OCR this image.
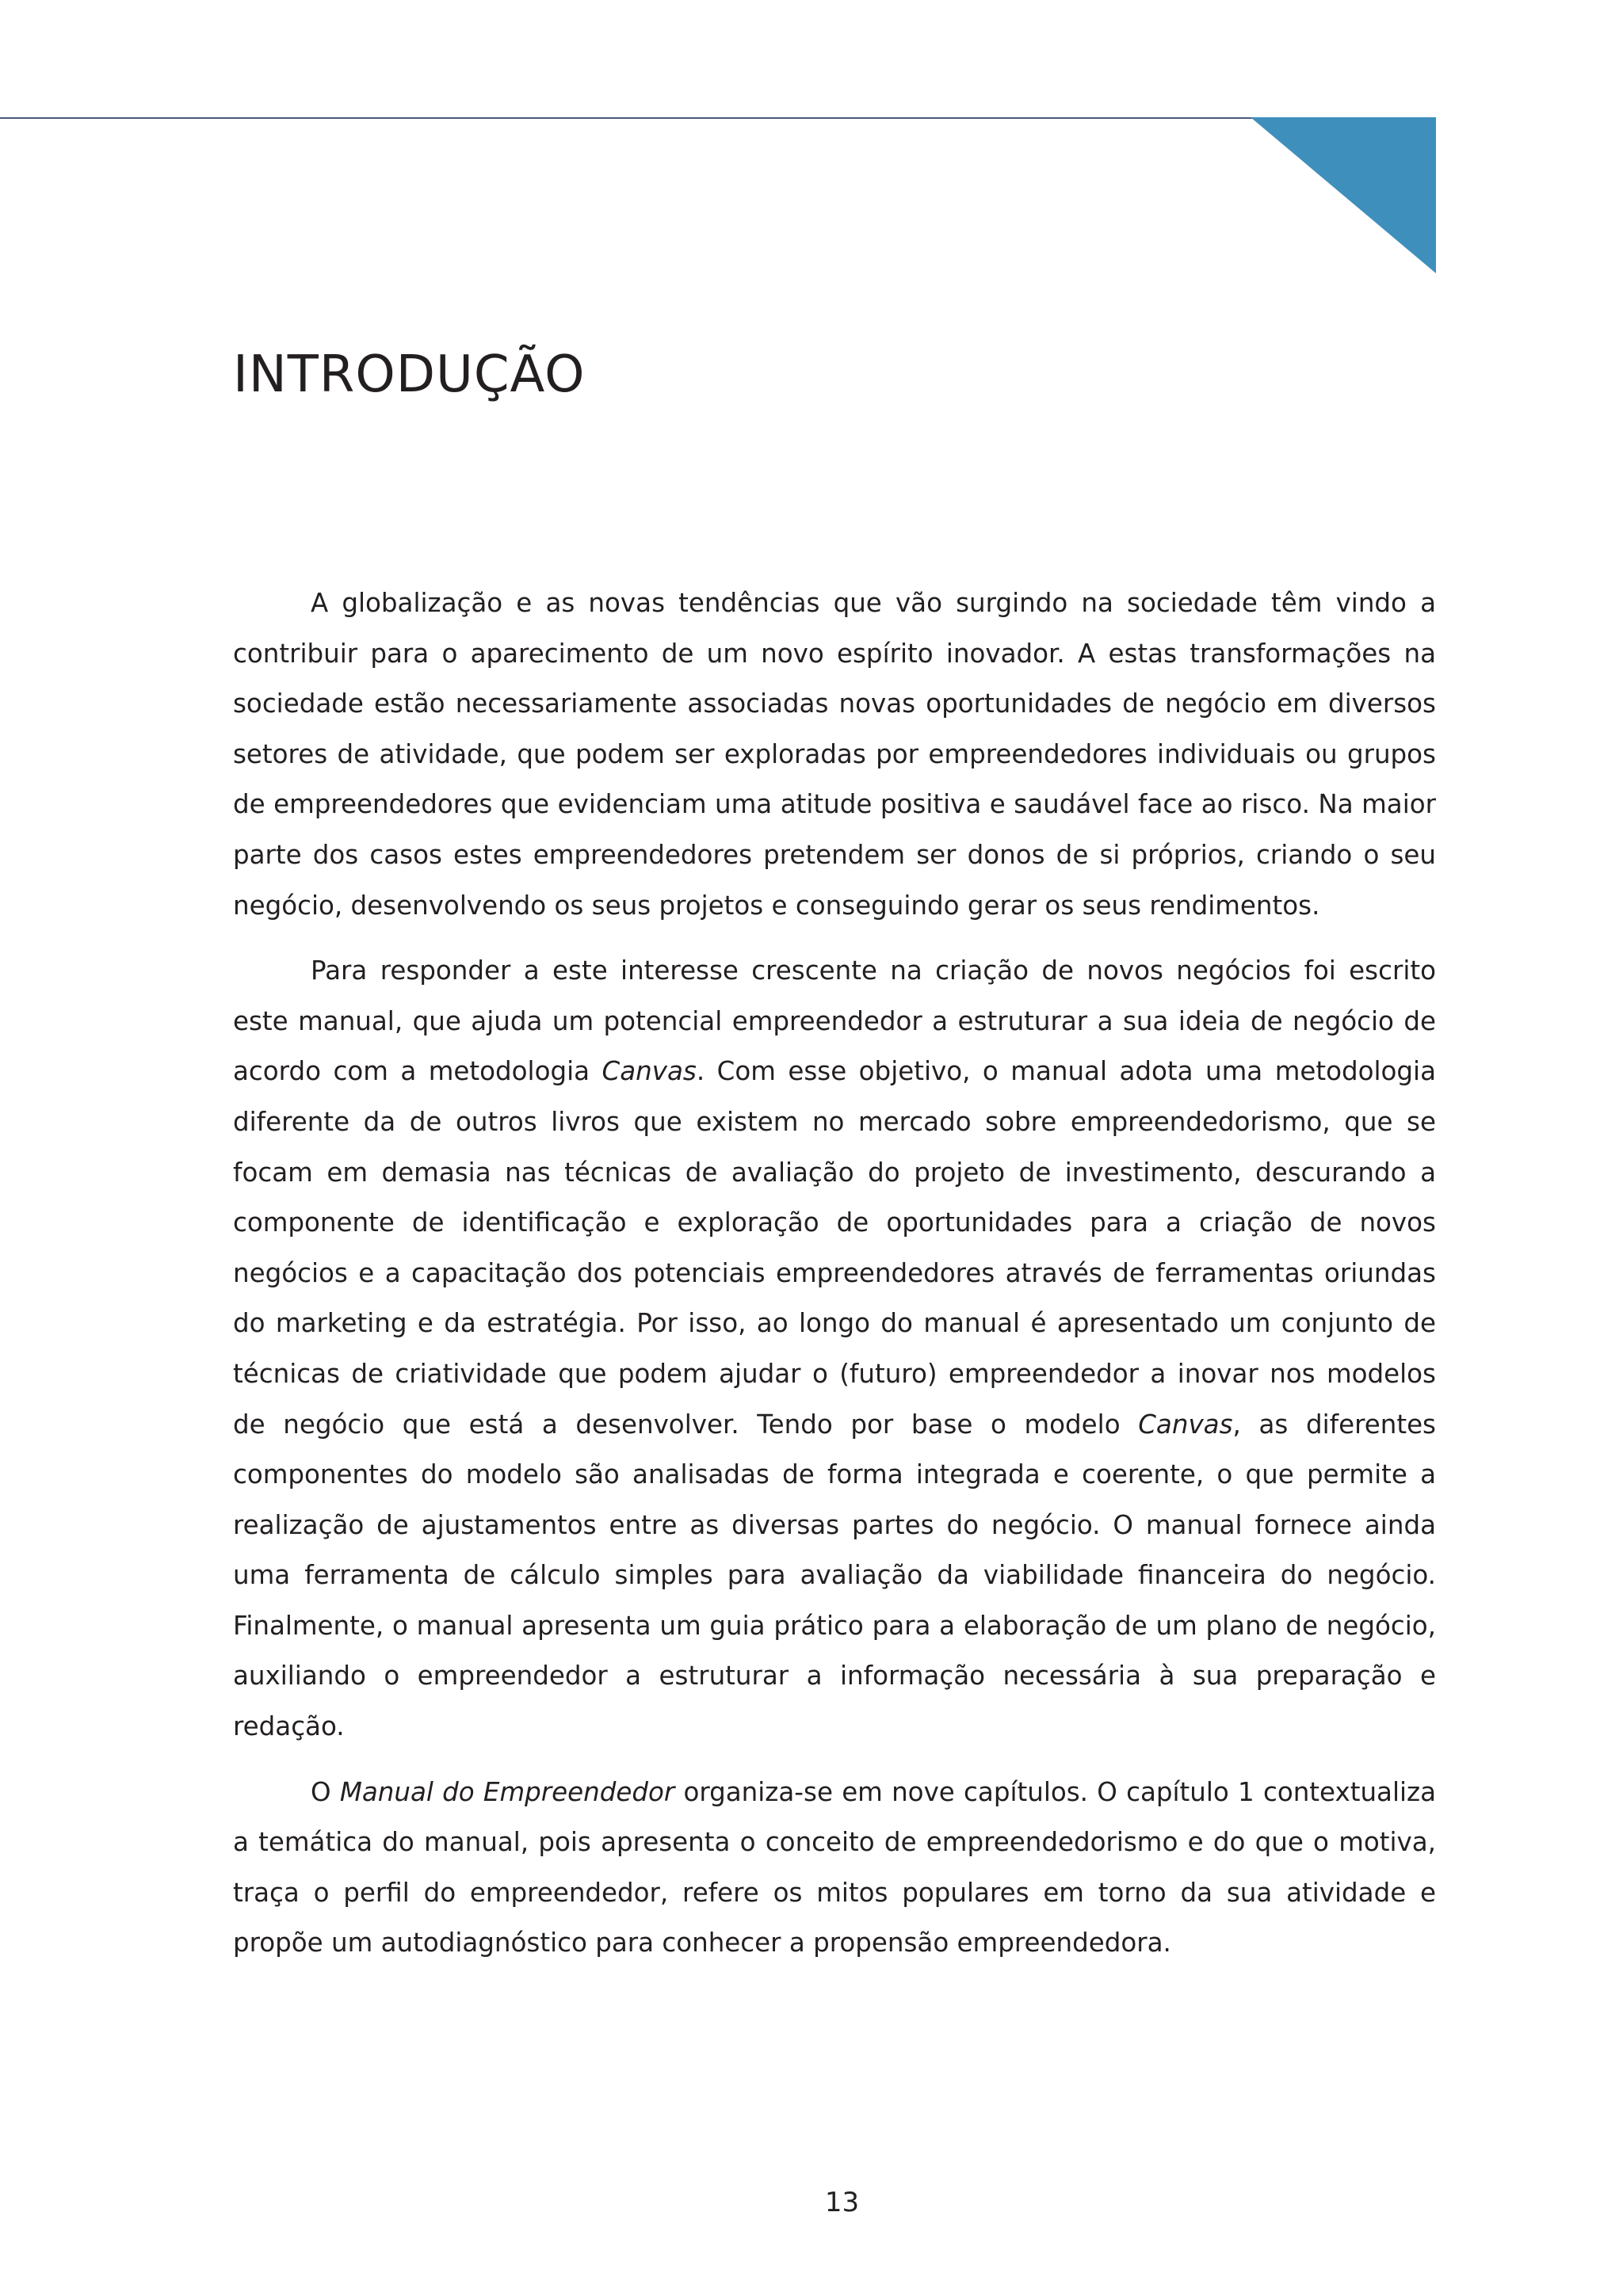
INTRODUÇÃO

A globalização e as novas tendências que vão surgindo na sociedade têm vindo a contribuir para o aparecimento de um novo espírito inovador. A estas transformações na sociedade estão necessariamente associadas novas oportunidades de negócio em diversos setores de atividade, que podem ser exploradas por empreendedores individuais ou grupos de empreendedores que evidenciam uma atitude positiva e saudável face ao risco. Na maior parte dos casos estes empreendedores pretendem ser donos de si próprios, criando o seu negócio, desenvolvendo os seus projetos e conseguindo gerar os seus rendimentos.

Para responder a este interesse crescente na criação de novos negócios foi escrito este manual, que ajuda um potencial empreendedor a estruturar a sua ideia de negócio de acordo com a metodologia Canvas. Com esse objetivo, o manual adota uma metodologia diferente da de outros livros que existem no mercado sobre empreendedorismo, que se focam em demasia nas técnicas de avaliação do projeto de investimento, descurando a componente de identificação e exploração de oportunidades para a criação de novos negócios e a capacitação dos potenciais empreendedores através de ferramentas oriundas do marketing e da estratégia. Por isso, ao longo do manual é apresentado um conjunto de técnicas de criatividade que podem ajudar o (futuro) empreendedor a inovar nos modelos de negócio que está a desenvolver. Tendo por base o modelo Canvas, as diferentes componentes do modelo são analisadas de forma integrada e coerente, o que permite a realização de ajustamentos entre as diversas partes do negócio. O manual fornece ainda uma ferramenta de cálculo simples para avaliação da viabilidade financeira do negócio. Finalmente, o manual apresenta um guia prático para a elaboração de um plano de negócio, auxiliando o empreendedor a estruturar a informação necessária à sua preparação e redação.

O Manual do Empreendedor organiza-se em nove capítulos. O capítulo 1 contextualiza a temática do manual, pois apresenta o conceito de empreendedorismo e do que o motiva, traça o perfil do empreendedor, refere os mitos populares em torno da sua atividade e propõe um autodiagnóstico para conhecer a propensão empreendedora.

13
